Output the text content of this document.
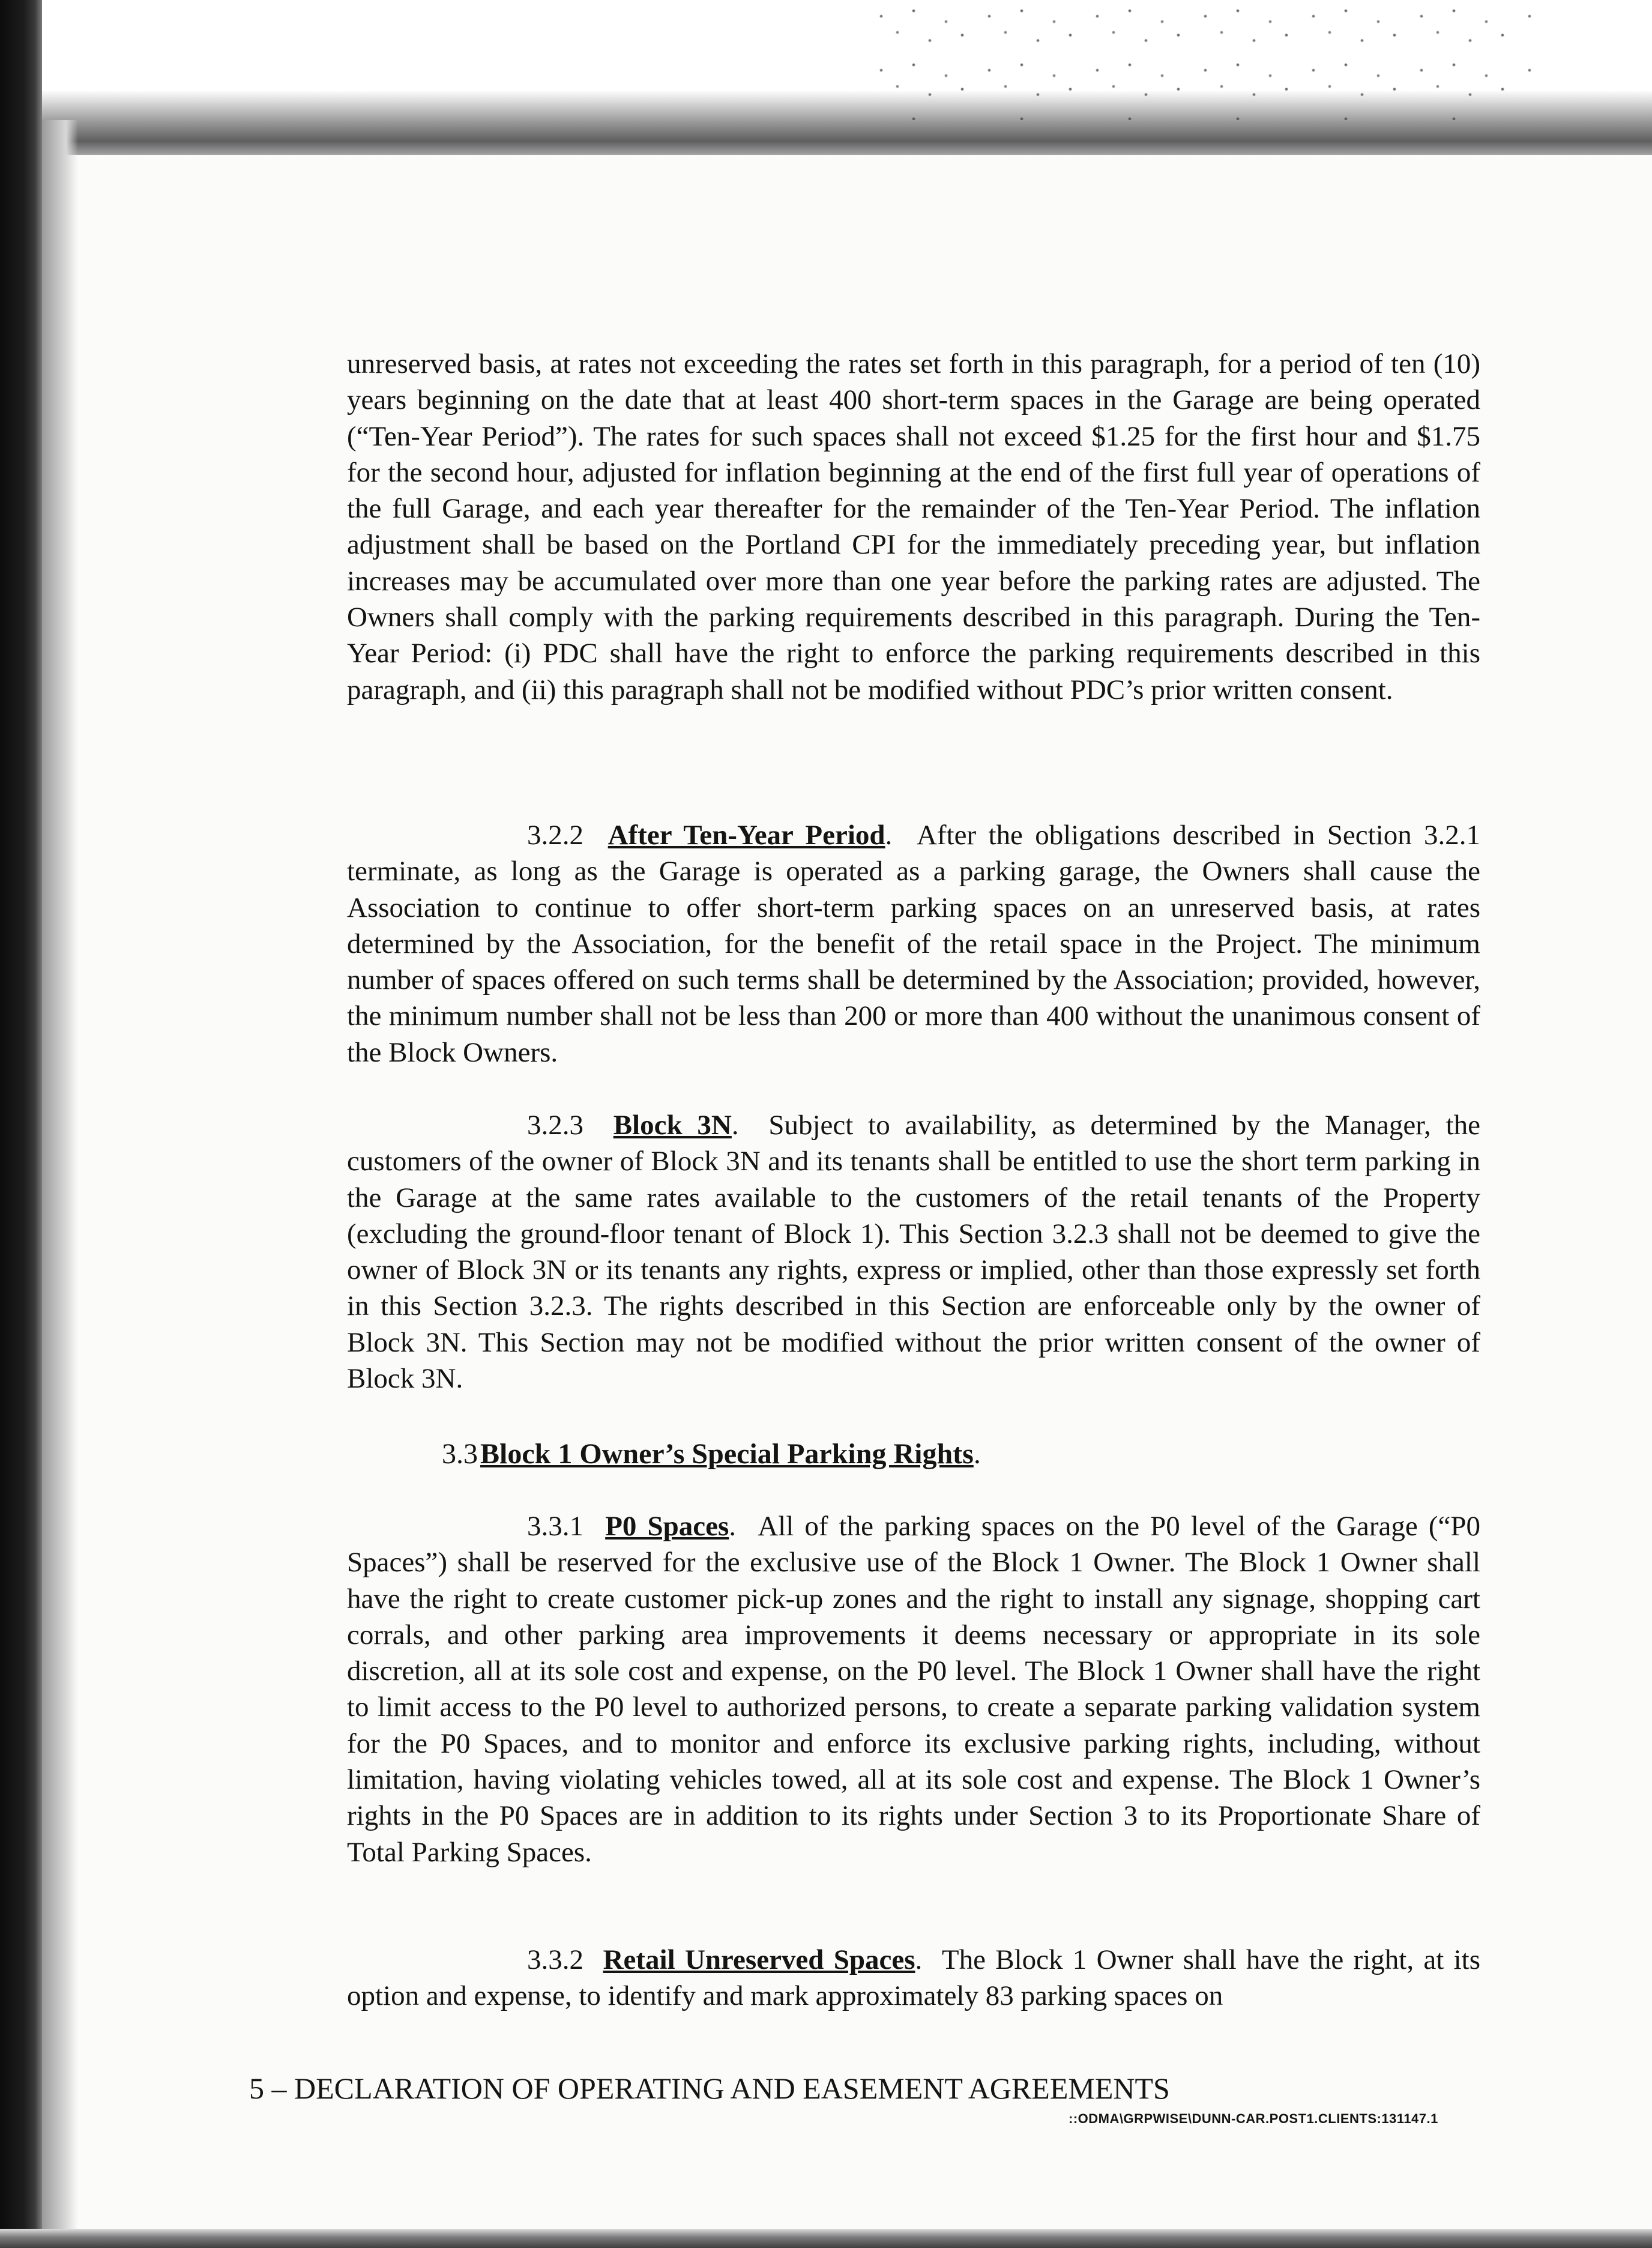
unreserved basis, at rates not exceeding the rates set forth in this paragraph, for a period of ten (10) years beginning on the date that at least 400 short-term spaces in the Garage are being operated (“Ten-Year Period”). The rates for such spaces shall not exceed $1.25 for the first hour and $1.75 for the second hour, adjusted for inflation beginning at the end of the first full year of operations of the full Garage, and each year thereafter for the remainder of the Ten-Year Period. The inflation adjustment shall be based on the Portland CPI for the immediately preceding year, but inflation increases may be accumulated over more than one year before the parking rates are adjusted. The Owners shall comply with the parking requirements described in this paragraph. During the Ten-Year Period: (i) PDC shall have the right to enforce the parking requirements described in this paragraph, and (ii) this paragraph shall not be modified without PDC’s prior written consent.

3.2.2 After Ten-Year Period.  After the obligations described in Section 3.2.1 terminate, as long as the Garage is operated as a parking garage, the Owners shall cause the Association to continue to offer short-term parking spaces on an unreserved basis, at rates determined by the Association, for the benefit of the retail space in the Project. The minimum number of spaces offered on such terms shall be determined by the Association; provided, however, the minimum number shall not be less than 200 or more than 400 without the unanimous consent of the Block Owners.

3.2.3 Block 3N.  Subject to availability, as determined by the Manager, the customers of the owner of Block 3N and its tenants shall be entitled to use the short term parking in the Garage at the same rates available to the customers of the retail tenants of the Property (excluding the ground-floor tenant of Block 1). This Section 3.2.3 shall not be deemed to give the owner of Block 3N or its tenants any rights, express or implied, other than those expressly set forth in this Section 3.2.3. The rights described in this Section are enforceable only by the owner of Block 3N. This Section may not be modified without the prior written consent of the owner of Block 3N.

3.3 Block 1 Owner’s Special Parking Rights.

3.3.1 P0 Spaces.  All of the parking spaces on the P0 level of the Garage (“P0 Spaces”) shall be reserved for the exclusive use of the Block 1 Owner. The Block 1 Owner shall have the right to create customer pick-up zones and the right to install any signage, shopping cart corrals, and other parking area improvements it deems necessary or appropriate in its sole discretion, all at its sole cost and expense, on the P0 level. The Block 1 Owner shall have the right to limit access to the P0 level to authorized persons, to create a separate parking validation system for the P0 Spaces, and to monitor and enforce its exclusive parking rights, including, without limitation, having violating vehicles towed, all at its sole cost and expense. The Block 1 Owner’s rights in the P0 Spaces are in addition to its rights under Section 3 to its Proportionate Share of Total Parking Spaces.

3.3.2 Retail Unreserved Spaces.  The Block 1 Owner shall have the right, at its option and expense, to identify and mark approximately 83 parking spaces on

5 – DECLARATION OF OPERATING AND EASEMENT AGREEMENTS
::ODMA\GRPWISE\DUNN-CAR.POST1.CLIENTS:131147.1
